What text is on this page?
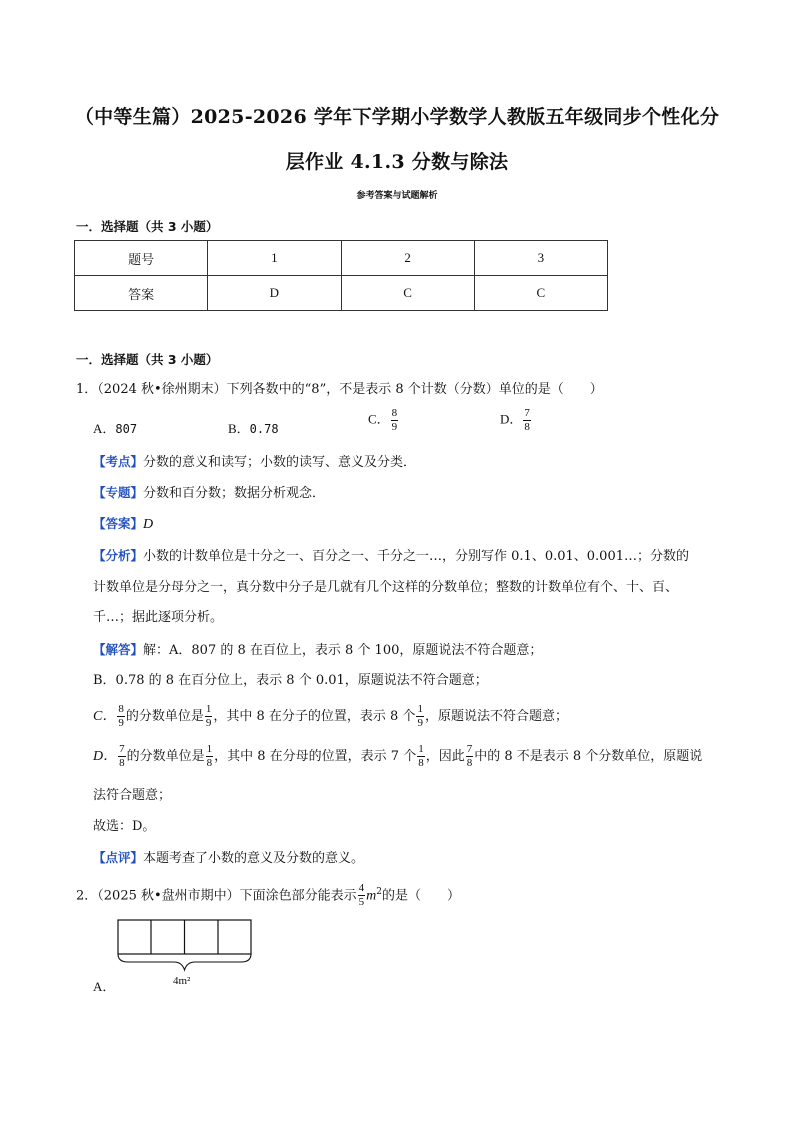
（中等生篇）2025-2026 学年下学期小学数学人教版五年级同步个性化分
层作业 4.1.3 分数与除法
参考答案与试题解析
一．选择题（共 3 小题）
题号	1	2	3
答案	D	C	C
一．选择题（共 3 小题）
1．（2024 秋•徐州期末）下列各数中的“8”，不是表示 8 个计数（分数）单位的是（　　）
A．807	B．0.78
C． $\frac{8}{9}$	D． $\frac{7}{8}$
【考点】分数的意义和读写；小数的读写、意义及分类．
【专题】分数和百分数；数据分析观念．
【答案】D
【分析】小数的计数单位是十分之一、百分之一、千分之一…，分别写作 0.1、0.01、0.001…；分数的
计数单位是分母分之一，真分数中分子是几就有几个这样的分数单位；整数的计数单位有个、十、百、
千…；据此逐项分析。
【解答】解：A．807 的 8 在百位上，表示 8 个 100，原题说法不符合题意；
B．0.78 的 8 在百分位上，表示 8 个 0.01，原题说法不符合题意；
C． $\frac{8}{9}$ 的分数单位是 $\frac{1}{9}$ ，其中 8 在分子的位置，表示 8 个 $\frac{1}{9}$ ，原题说法不符合题意；
D． $\frac{7}{8}$ 的分数单位是 $\frac{1}{8}$ ，其中 8 在分母的位置，表示 7 个 $\frac{1}{8}$ ，因此 $\frac{7}{8}$ 中的 8 不是表示 8 个分数单位，原题说
法符合题意；
故选：D。
【点评】本题考查了小数的意义及分数的意义。
2．（2025 秋•盘州市期中）下面涂色部分能表示 $\frac{4}{5} m^2$的是（　　）
A．	4m²
